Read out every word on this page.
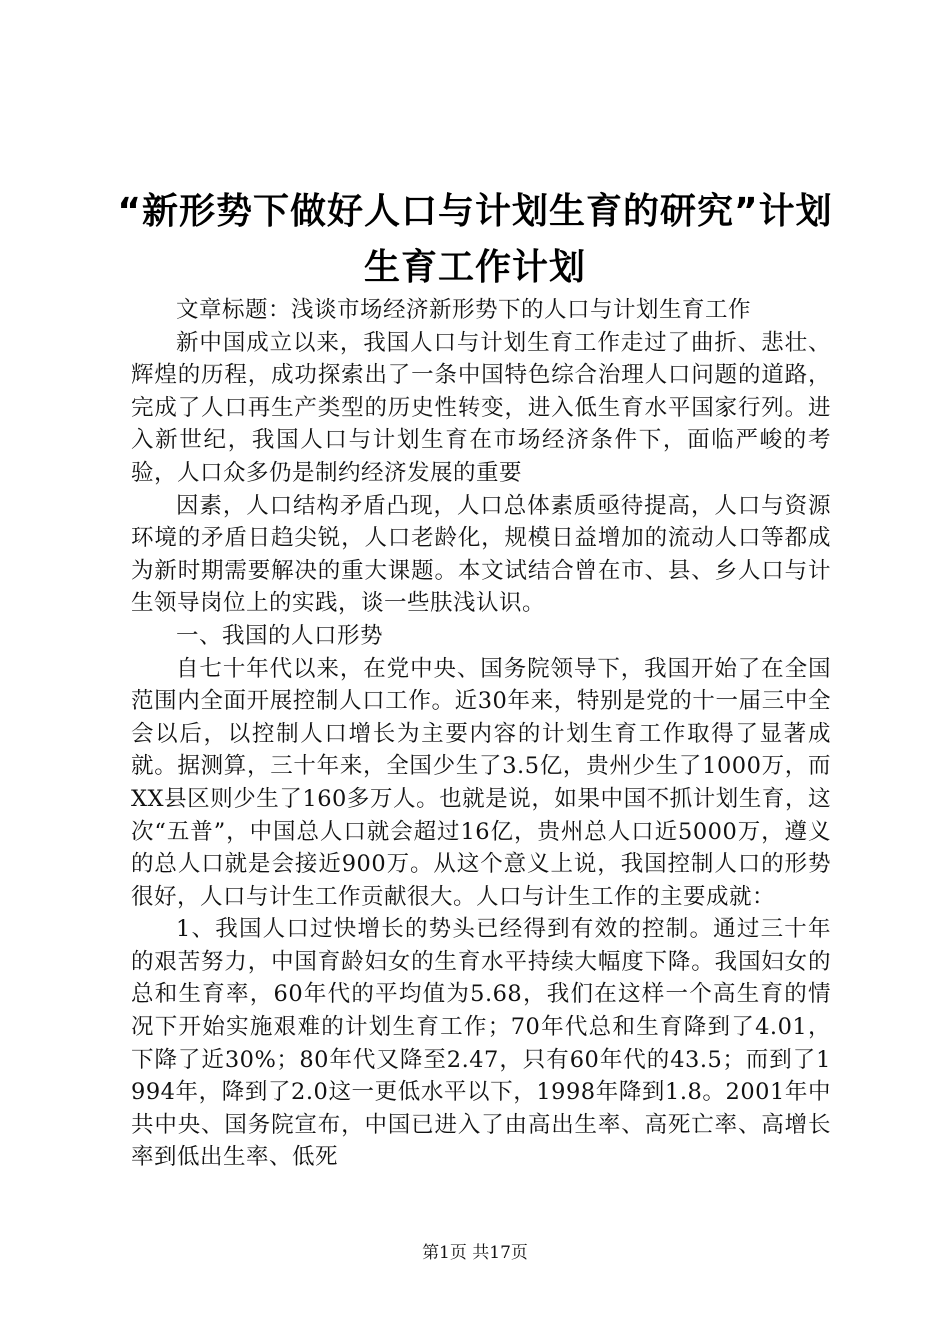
“新形势下做好人口与计划生育的研究”计划
生育工作计划

文章标题：浅谈市场经济新形势下的人口与计划生育工作

新中国成立以来，我国人口与计划生育工作走过了曲折、悲壮、辉煌的历程，成功探索出了一条中国特色综合治理人口问题的道路，完成了人口再生产类型的历史性转变，进入低生育水平国家行列。进入新世纪，我国人口与计划生育在市场经济条件下，面临严峻的考验，人口众多仍是制约经济发展的重要

因素，人口结构矛盾凸现，人口总体素质亟待提高，人口与资源环境的矛盾日趋尖锐，人口老龄化，规模日益增加的流动人口等都成为新时期需要解决的重大课题。本文试结合曾在市、县、乡人口与计生领导岗位上的实践，谈一些肤浅认识。

一、我国的人口形势

自七十年代以来，在党中央、国务院领导下，我国开始了在全国范围内全面开展控制人口工作。近30年来，特别是党的十一届三中全会以后，以控制人口增长为主要内容的计划生育工作取得了显著成就。据测算，三十年来，全国少生了3.5亿，贵州少生了1000万，而XX县区则少生了160多万人。也就是说，如果中国不抓计划生育，这次“五普”，中国总人口就会超过16亿，贵州总人口近5000万，遵义的总人口就是会接近900万。从这个意义上说，我国控制人口的形势很好，人口与计生工作贡献很大。人口与计生工作的主要成就：

1、我国人口过快增长的势头已经得到有效的控制。通过三十年的艰苦努力，中国育龄妇女的生育水平持续大幅度下降。我国妇女的总和生育率，60年代的平均值为5.68，我们在这样一个高生育的情况下开始实施艰难的计划生育工作；70年代总和生育降到了4.01，下降了近30%；80年代又降至2.47，只有60年代的43.5；而到了1994年，降到了2.0这一更低水平以下，1998年降到1.8。2001年中共中央、国务院宣布，中国已进入了由高出生率、高死亡率、高增长率到低出生率、低死

第1页 共17页
